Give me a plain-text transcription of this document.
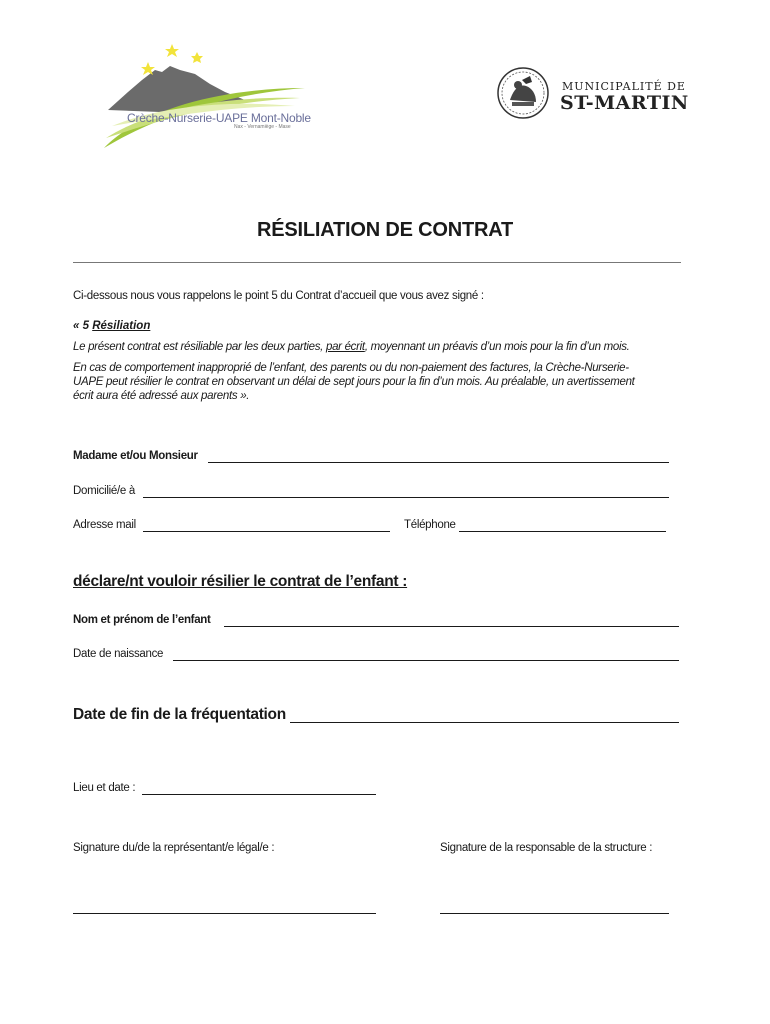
Crèche-Nurserie-UAPE Mont-Noble
Nax - Vernamiège - Mase
MUNICIPALITÉ DE
ST-MARTIN
RÉSILIATION DE CONTRAT
Ci-dessous nous vous rappelons le point 5 du Contrat d’accueil que vous avez signé :
« 5 Résiliation
Le présent contrat est résiliable par les deux parties, par écrit, moyennant un préavis d’un mois pour la fin d’un mois.
En cas de comportement inapproprié de l’enfant, des parents ou du non-paiement des factures, la Crèche-Nurserie-
UAPE peut résilier le contrat en observant un délai de sept jours pour la fin d’un mois. Au préalable, un avertissement
écrit aura été adressé aux parents ».
Madame et/ou Monsieur
Domicilié/e à
Adresse mail	Téléphone
déclare/nt vouloir résilier le contrat de l’enfant :
Nom et prénom de l’enfant
Date de naissance
Date de fin de la fréquentation
Lieu et date :
Signature du/de la représentant/e légal/e :	Signature de la responsable de la structure :
